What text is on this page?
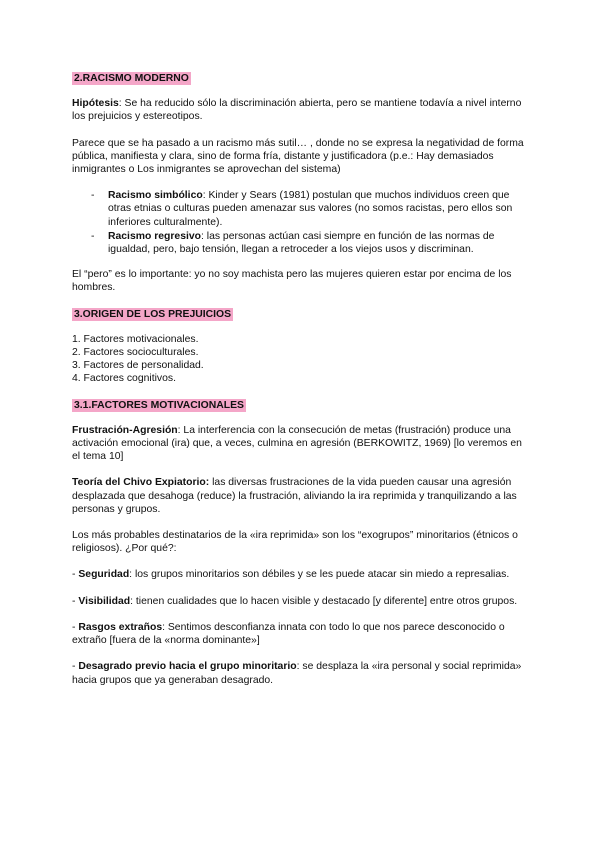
2.RACISMO MODERNO

Hipótesis: Se ha reducido sólo la discriminación abierta, pero se mantiene todavía a nivel interno los prejuicios y estereotipos.

Parece que se ha pasado a un racismo más sutil… , donde no se expresa la negatividad de forma pública, manifiesta y clara, sino de forma fría, distante y justificadora (p.e.: Hay demasiados inmigrantes o Los inmigrantes se aprovechan del sistema)

- Racismo simbólico: Kinder y Sears (1981) postulan que muchos individuos creen que otras etnias o culturas pueden amenazar sus valores (no somos racistas, pero ellos son inferiores culturalmente).
- Racismo regresivo: las personas actúan casi siempre en función de las normas de igualdad, pero, bajo tensión, llegan a retroceder a los viejos usos y discriminan.

El “pero” es lo importante: yo no soy machista pero las mujeres quieren estar por encima de los hombres.

3.ORIGEN DE LOS PREJUICIOS

1. Factores motivacionales.

2. Factores socioculturales.

3. Factores de personalidad.

4. Factores cognitivos.

3.1.FACTORES MOTIVACIONALES

Frustración-Agresión: La interferencia con la consecución de metas (frustración) produce una activación emocional (ira) que, a veces, culmina en agresión (BERKOWITZ, 1969) [lo veremos en el tema 10]

Teoría del Chivo Expiatorio: las diversas frustraciones de la vida pueden causar una agresión desplazada que desahoga (reduce) la frustración, aliviando la ira reprimida y tranquilizando a las personas y grupos.

Los más probables destinatarios de la «ira reprimida» son los “exogrupos” minoritarios (étnicos o religiosos). ¿Por qué?:

- Seguridad: los grupos minoritarios son débiles y se les puede atacar sin miedo a represalias.

- Visibilidad: tienen cualidades que lo hacen visible y destacado [y diferente] entre otros grupos.

- Rasgos extraños: Sentimos desconfianza innata con todo lo que nos parece desconocido o extraño [fuera de la «norma dominante»]

- Desagrado previo hacia el grupo minoritario: se desplaza la «ira personal y social reprimida» hacia grupos que ya generaban desagrado.
